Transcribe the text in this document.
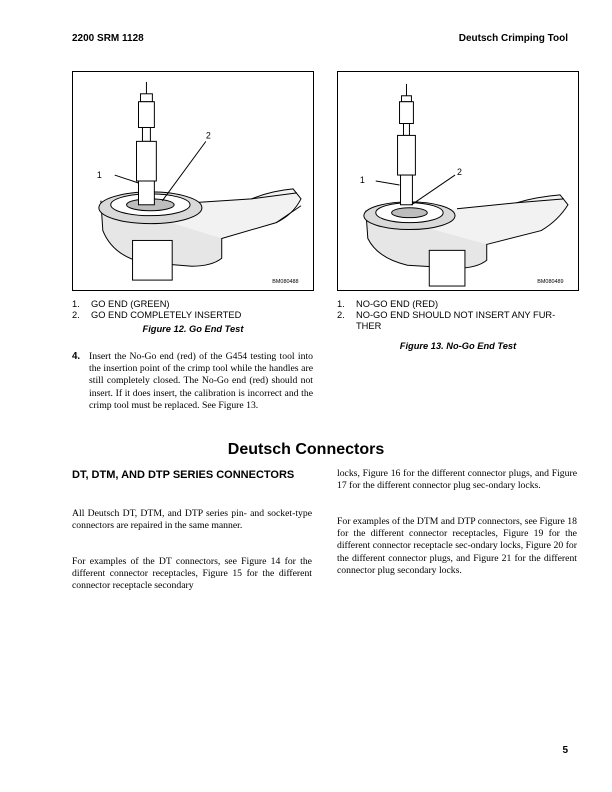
2200 SRM 1128	Deutsch Crimping Tool
1
2
BM080488
1
2
BM080489
1.	GO END (GREEN)
2.	GO END COMPLETELY INSERTED
Figure 12. Go End Test
1.	NO-GO END (RED)
2.	NO-GO END SHOULD NOT INSERT ANY FUR-THER
Figure 13. No-Go End Test
4. Insert the No-Go end (red) of the G454 testing tool into the insertion point of the crimp tool while the handles are still completely closed. The No-Go end (red) should not insert. If it does insert, the calibration is incorrect and the crimp tool must be replaced. See Figure 13.
Deutsch Connectors
DT, DTM, AND DTP SERIES CONNECTORS
All Deutsch DT, DTM, and DTP series pin- and socket-type connectors are repaired in the same manner.
For examples of the DT connectors, see Figure 14 for the different connector receptacles, Figure 15 for the different connector receptacle secondary
locks, Figure 16 for the different connector plugs, and Figure 17 for the different connector plug sec-ondary locks.
For examples of the DTM and DTP connectors, see Figure 18 for the different connector receptacles, Figure 19 for the different connector receptacle sec-ondary locks, Figure 20 for the different connector plugs, and Figure 21 for the different connector plug secondary locks.
5
